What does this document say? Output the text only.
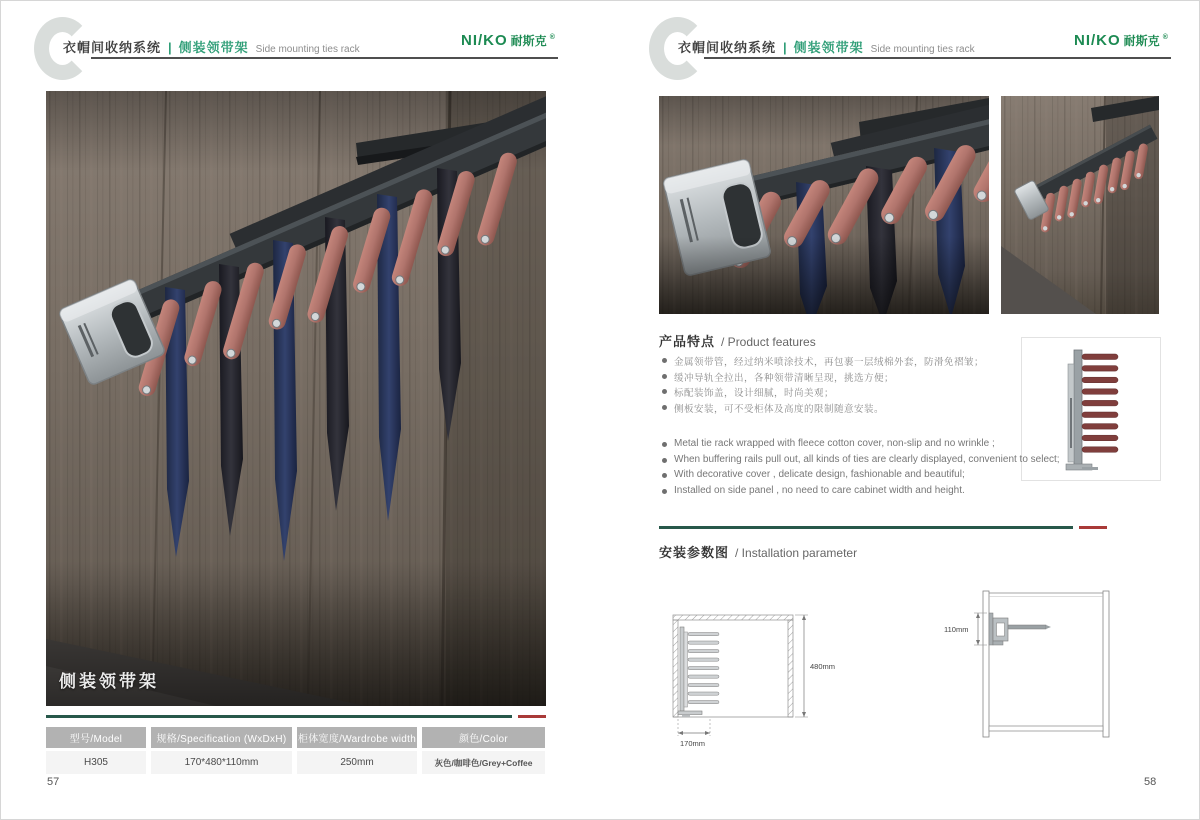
衣帽间收纳系统 | 侧装领带架 Side mounting ties rack
NI/KO 耐斯克 ®
衣帽间收纳系统 | 侧装领带架 Side mounting ties rack
NI/KO 耐斯克 ®
侧装领带架
型号/Model	规格/Specification (WxDxH)	柜体宽度/Wardrobe width	颜色/Color
H305	170*480*110mm	250mm	灰色/咖啡色/Grey+Coffee
57
产品特点 / Product features
金属领带管，经过纳米喷涂技术，再包裹一层绒棉外套，防滑免褶皱；
缓冲导轨全拉出，各种领带清晰呈现，挑选方便；
标配装饰盖，设计细腻，时尚美观；
侧板安装，可不受柜体及高度的限制随意安装。
Metal tie rack wrapped with fleece cotton cover, non-slip and no wrinkle ;
When buffering rails pull out, all kinds of ties are clearly displayed, convenient to select;
With decorative cover , delicate design, fashionable and beautiful;
Installed on side panel , no need to care cabinet width and height.
安装参数图 / Installation parameter
480mm
170mm
110mm
58
